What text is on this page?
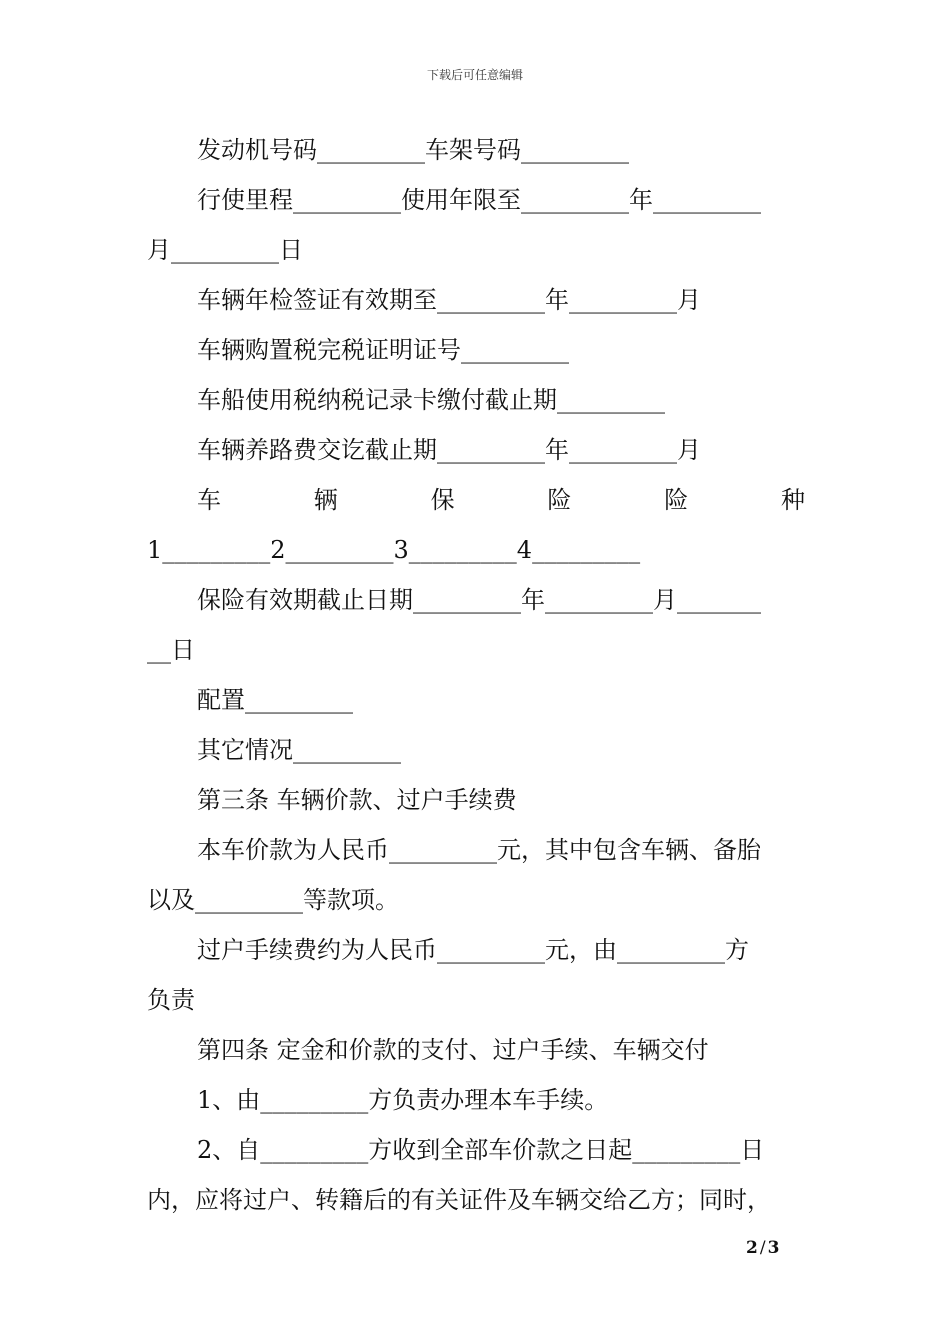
下载后可任意编辑
发动机号码_________车架号码_________
行使里程_________使用年限至_________年_________
月_________日
车辆年检签证有效期至_________年_________月
车辆购置税完税证明证号_________
车船使用税纳税记录卡缴付截止期_________
车辆养路费交讫截止期_________年_________月
车	辆	保	险	险	种
1_________2_________3_________4_________
保险有效期截止日期_________年_________月_______
__日
配置_________
其它情况_________
第三条 车辆价款、过户手续费
本车价款为人民币_________元，其中包含车辆、备胎
以及_________等款项。
过户手续费约为人民币_________元，由_________方
负责
第四条 定金和价款的支付、过户手续、车辆交付
1、由_________方负责办理本车手续。
2、自_________方收到全部车价款之日起_________日
内，应将过户、转籍后的有关证件及车辆交给乙方；同时，
2 / 3
